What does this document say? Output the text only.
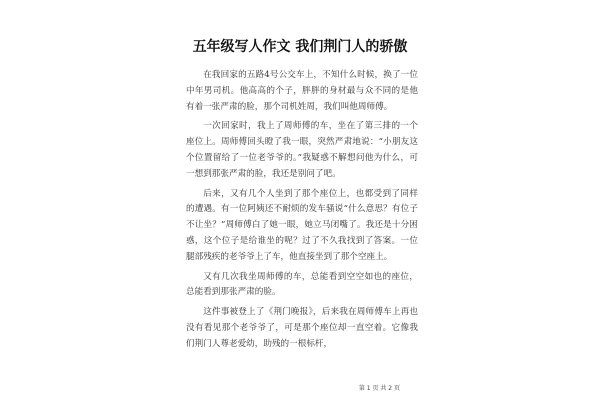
五年级写人作文 我们荆门人的骄傲

在我回家的五路4号公交车上，不知什么时候，换了一位中年男司机。他高高的个子，胖胖的身材最与众不同的是他有着一张严肃的脸，那个司机姓周，我们叫他周师傅。

一次回家时，我上了周师傅的车，坐在了第三排的一个座位上。周师傅回头瞪了我一眼，突然严肃地说：“小朋友这个位置留给了一位老爷爷的。”我疑惑不解想问他为什么，可一想到那张严肃的脸，我还是别问了吧。

后来，又有几个人坐到了那个座位上，也都受到了同样的遭遇。有一位阿姨还不耐烦的发车骚说“什么意思？有位子不让坐？”周师傅白了她一眼，她立马闭嘴了。我还是十分困惑，这个位子是给谁坐的呢？过了不久我找到了答案。一位腿部残疾的老爷爷上了车，他直接坐到了那个空座上。

又有几次我坐周师傅的车，总能看到空空如也的座位，总能看到那张严肃的脸。

这件事被登上了《荆门晚报》，后来我在周师傅车上再也没有看见那个老爷爷了，可是那个座位却一直空着。它像我们荆门人尊老爱幼，助残的一根标杆，

第 1 页 共 2 页
